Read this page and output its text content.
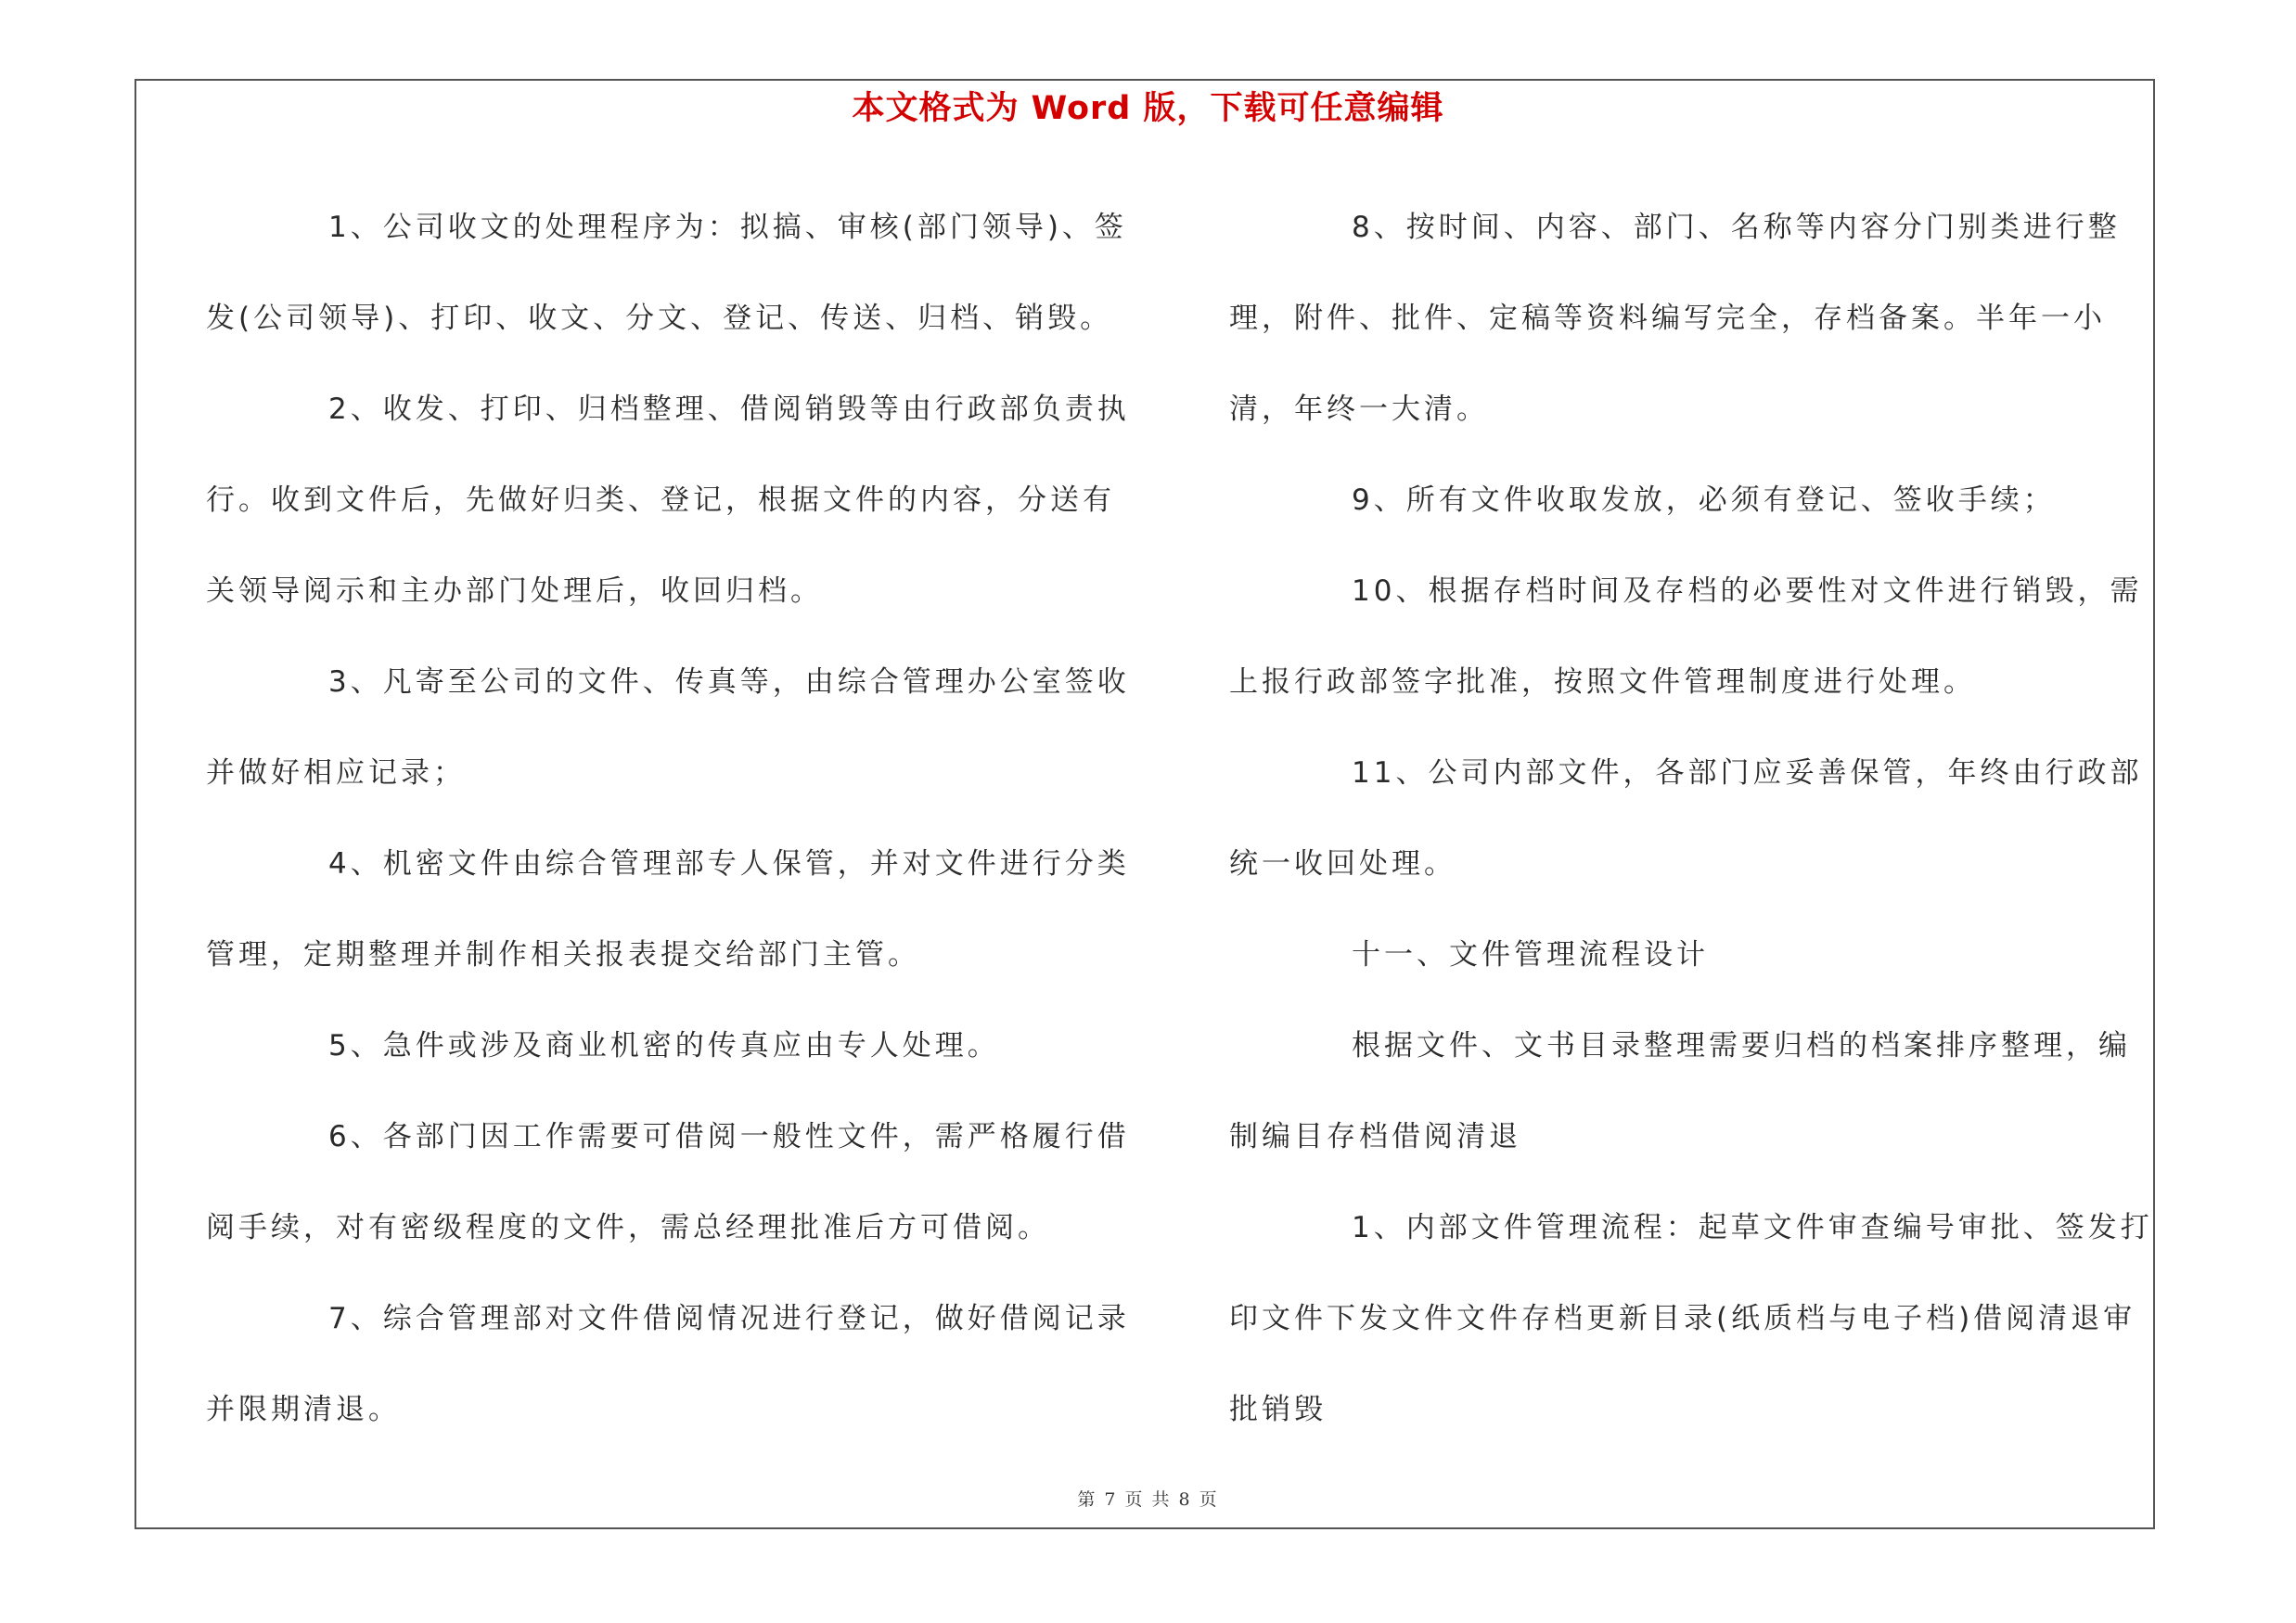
本文格式为 Word 版，下载可任意编辑

1、公司收文的处理程序为：拟搞、审核(部门领导)、签发(公司领导)、打印、收文、分文、登记、传送、归档、销毁。

2、收发、打印、归档整理、借阅销毁等由行政部负责执行。收到文件后，先做好归类、登记，根据文件的内容，分送有关领导阅示和主办部门处理后，收回归档。

3、凡寄至公司的文件、传真等，由综合管理办公室签收并做好相应记录；

4、机密文件由综合管理部专人保管，并对文件进行分类管理，定期整理并制作相关报表提交给部门主管。

5、急件或涉及商业机密的传真应由专人处理。

6、各部门因工作需要可借阅一般性文件，需严格履行借阅手续，对有密级程度的文件，需总经理批准后方可借阅。

7、综合管理部对文件借阅情况进行登记，做好借阅记录并限期清退。

8、按时间、内容、部门、名称等内容分门别类进行整理，附件、批件、定稿等资料编写完全，存档备案。半年一小清，年终一大清。

9、所有文件收取发放，必须有登记、签收手续；

10、根据存档时间及存档的必要性对文件进行销毁，需上报行政部签字批准，按照文件管理制度进行处理。

11、公司内部文件，各部门应妥善保管，年终由行政部统一收回处理。

十一、文件管理流程设计

根据文件、文书目录整理需要归档的档案排序整理，编制编目存档借阅清退

1、内部文件管理流程：起草文件审查编号审批、签发打印文件下发文件文件存档更新目录(纸质档与电子档)借阅清退审批销毁

第 7 页 共 8 页
